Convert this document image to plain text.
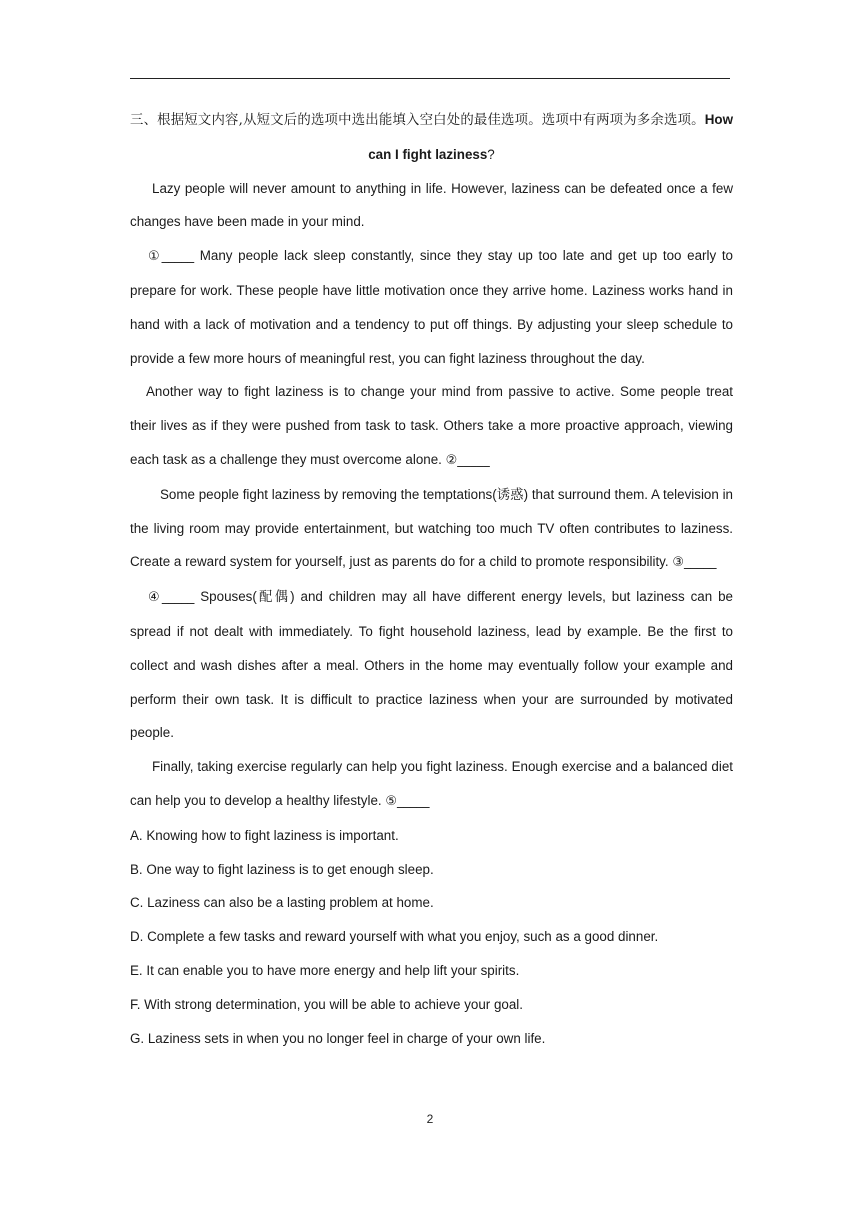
三、根据短文内容,从短文后的选项中选出能填入空白处的最佳选项。选项中有两项为多余选项。How can I fight laziness?

Lazy people will never amount to anything in life. However, laziness can be defeated once a few changes have been made in your mind.

①_____ Many people lack sleep constantly, since they stay up too late and get up too early to prepare for work. These people have little motivation once they arrive home. Laziness works hand in hand with a lack of motivation and a tendency to put off things. By adjusting your sleep schedule to provide a few more hours of meaningful rest, you can fight laziness throughout the day.

Another way to fight laziness is to change your mind from passive to active. Some people treat their lives as if they were pushed from task to task. Others take a more proactive approach, viewing each task as a challenge they must overcome alone. ②_____

Some people fight laziness by removing the temptations(诱惑) that surround them. A television in the living room may provide entertainment, but watching too much TV often contributes to laziness. Create a reward system for yourself, just as parents do for a child to promote responsibility. ③_____

④_____ Spouses(配偶) and children may all have different energy levels, but laziness can be spread if not dealt with immediately. To fight household laziness, lead by example. Be the first to collect and wash dishes after a meal. Others in the home may eventually follow your example and perform their own task. It is difficult to practice laziness when your are surrounded by motivated people.

Finally, taking exercise regularly can help you fight laziness. Enough exercise and a balanced diet can help you to develop a healthy lifestyle. ⑤_____

A. Knowing how to fight laziness is important.

B. One way to fight laziness is to get enough sleep.

C. Laziness can also be a lasting problem at home.

D. Complete a few tasks and reward yourself with what you enjoy, such as a good dinner.

E. It can enable you to have more energy and help lift your spirits.

F. With strong determination, you will be able to achieve your goal.

G. Laziness sets in when you no longer feel in charge of your own life.

2
